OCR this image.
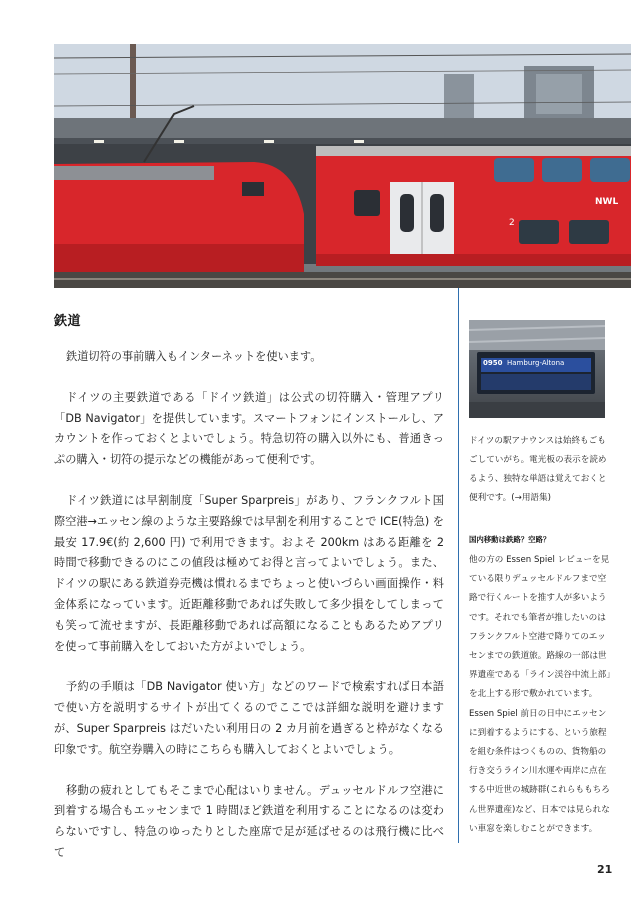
NWL
2
鉄道

鉄道切符の事前購入もインターネットを使います。

ドイツの主要鉄道である「ドイツ鉄道」は公式の切符購入・管理アプリ「DB Navigator」を提供しています。スマートフォンにインストールし、アカウントを作っておくとよいでしょう。特急切符の購入以外にも、普通きっぷの購入・切符の提示などの機能があって便利です。

ドイツ鉄道には早割制度「Super Sparpreis」があり、フランクフルト国際空港→エッセン線のような主要路線では早割を利用することで ICE(特急) を最安 17.9€(約 2,600 円) で利用できます。およそ 200km はある距離を 2 時間で移動できるのにこの値段は極めてお得と言ってよいでしょう。また、ドイツの駅にある鉄道券売機は慣れるまでちょっと使いづらい画面操作・料金体系になっています。近距離移動であれば失敗して多少損をしてしまっても笑って流せますが、長距離移動であれば高額になることもあるためアプリを使って事前購入をしておいた方がよいでしょう。

予約の手順は「DB Navigator 使い方」などのワードで検索すれば日本語で使い方を説明するサイトが出てくるのでここでは詳細な説明を避けますが、Super Sparpreis はだいたい利用日の 2 カ月前を過ぎると枠がなくなる印象です。航空券購入の時にこちらも購入しておくとよいでしょう。

移動の疲れとしてもそこまで心配はいりません。デュッセルドルフ空港に到着する場合もエッセンまで 1 時間ほど鉄道を利用することになるのは変わらないですし、特急のゆったりとした座席で足が延ばせるのは飛行機に比べて

0950 Hamburg-Altona
ドイツの駅アナウンスは始終もごもごしていがち。電光板の表示を読めるよう、独特な単語は覚えておくと便利です。(→用語集)
国内移動は鉄路？空路？
他の方の Essen Spiel レビューを見ている限りデュッセルドルフまで空路で行くルートを推す人が多いようです。それでも筆者が推したいのはフランクフルト空港で降りてのエッセンまでの鉄道旅。路線の一部は世界遺産である「ライン渓谷中流上部」を北上する形で敷かれています。Essen Spiel 前日の日中にエッセンに到着するようにする、という旅程を組む条件はつくものの、貨物船の行き交うライン川水運や両岸に点在する中近世の城跡群(これらももちろん世界遺産)など、日本では見られない車窓を楽しむことができます。
21
